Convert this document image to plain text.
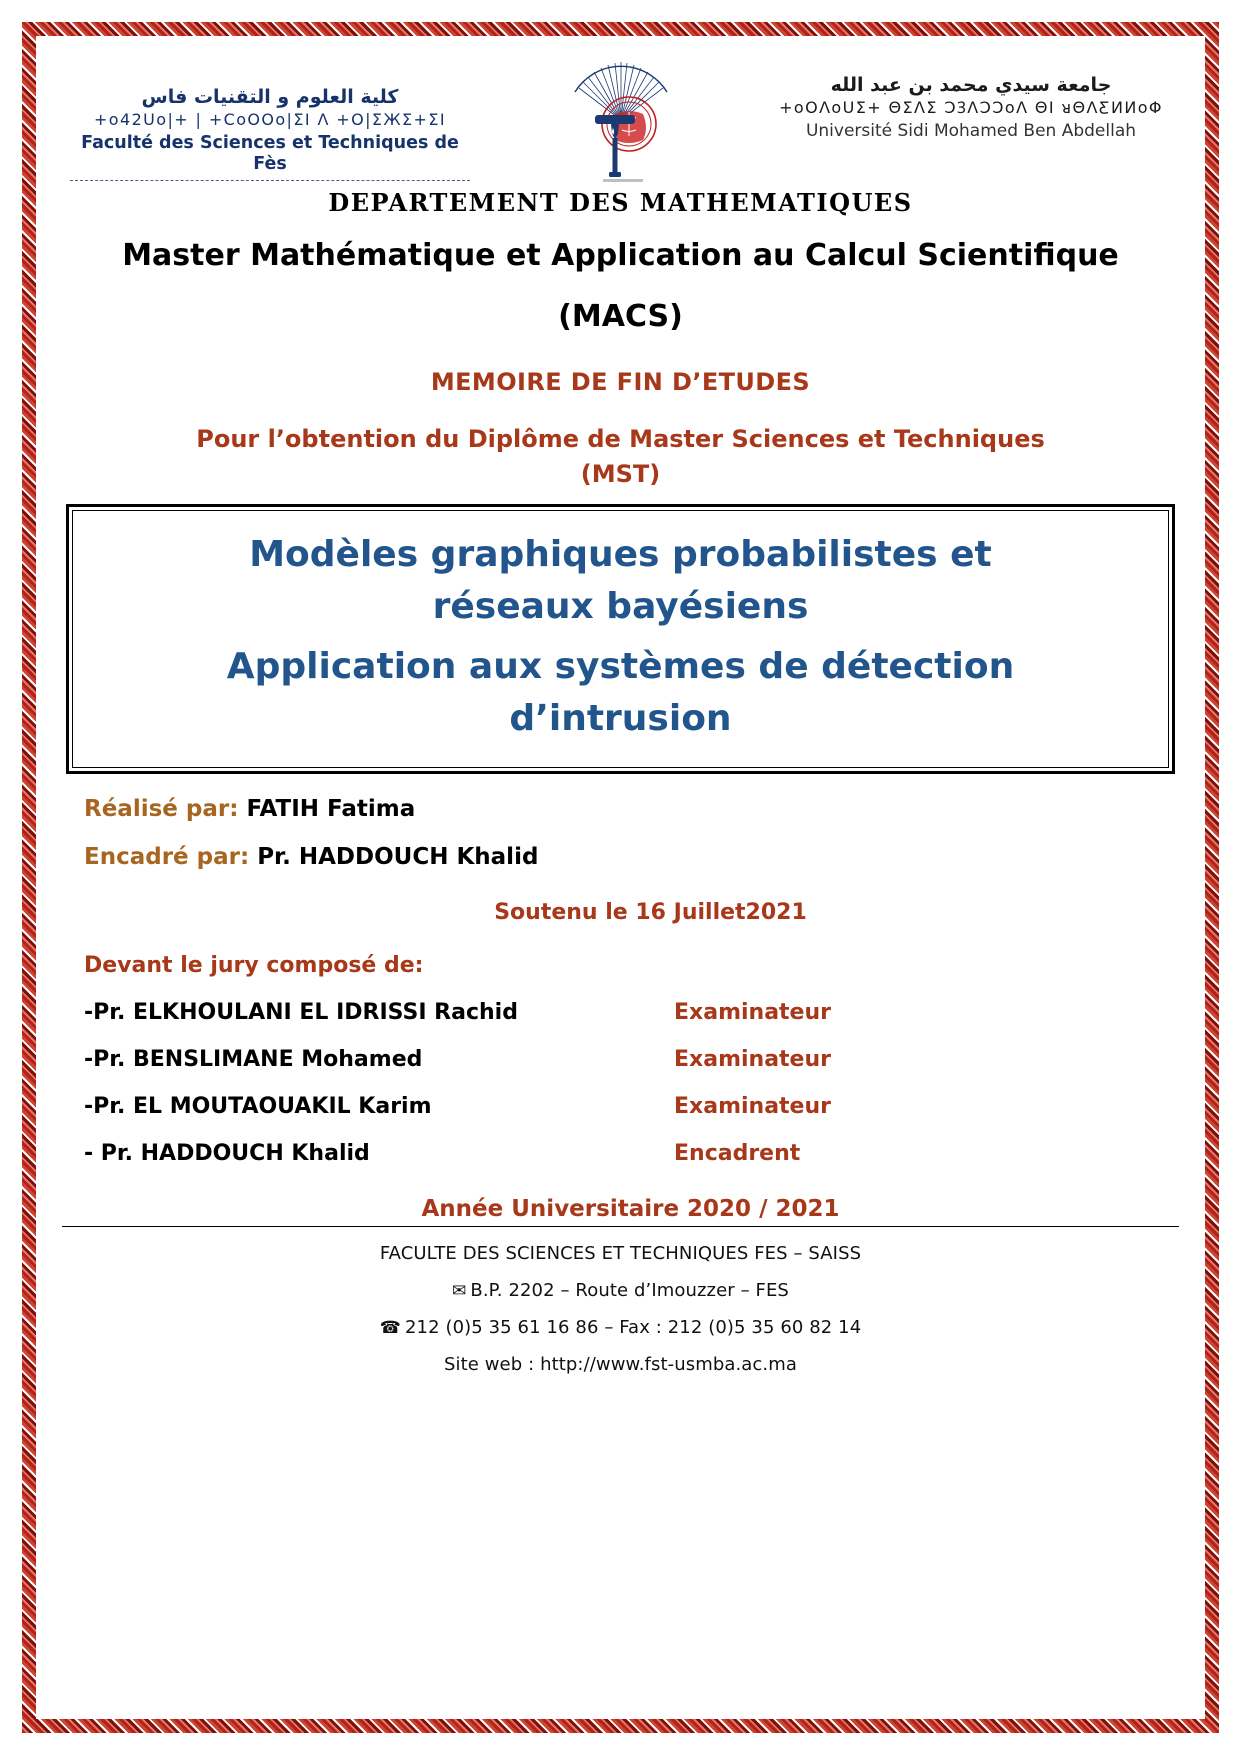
كلية العلوم و التقنيات فاس
+o42Uo|+ | +CoOOo|ΣI Λ +O|ΣЖΣ+ΣI
Faculté des Sciences et Techniques de Fès
جامعة سيدي محمد بن عبد الله
+oOΛoUΣ+ ΘΣΛΣ ƆꝪΛƆƆoΛ ΘI ᴚΘΛƸИИoΦ
Université Sidi Mohamed Ben Abdellah
DEPARTEMENT DES MATHEMATIQUES
Master Mathématique et Application au Calcul Scientifique
(MACS)
MEMOIRE DE FIN D’ETUDES
Pour l’obtention du Diplôme de Master Sciences et Techniques
(MST)
Modèles graphiques probabilistes et
réseaux bayésiens
Application aux systèmes de détection
d’intrusion
Réalisé par: FATIH Fatima
Encadré par: Pr. HADDOUCH Khalid
Soutenu le 16 Juillet2021
Devant le jury composé de:
-Pr. ELKHOULANI EL IDRISSI Rachid	Examinateur
-Pr. BENSLIMANE Mohamed	Examinateur
-Pr. EL MOUTAOUAKIL Karim	Examinateur
- Pr. HADDOUCH Khalid	Encadrent
Année Universitaire 2020 / 2021
FACULTE DES SCIENCES ET TECHNIQUES FES – SAISS
✉ B.P. 2202 – Route d’Imouzzer – FES
☎ 212 (0)5 35 61 16 86 – Fax : 212 (0)5 35 60 82 14
Site web : http://www.fst-usmba.ac.ma
